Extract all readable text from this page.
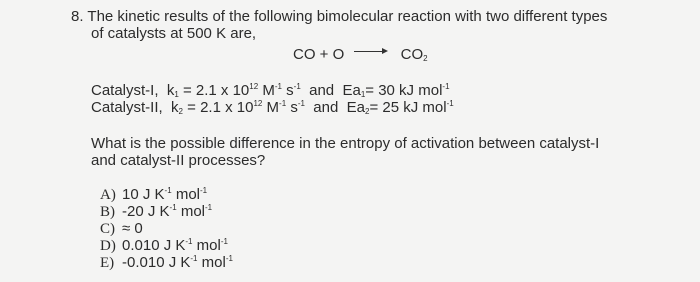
8. The kinetic results of the following bimolecular reaction with two different types
of catalysts at 500 K are,
CO + O	$CO_2$
Catalyst-I, $k_1 = 2.1$ x $10^{12}$ $M^{-1}$ $s^{-1}$  and  $Ea_1= 30$ kJ mol$^{-1}$
Catalyst-II, $k_2 = 2.1$ x $10^{12}$ $M^{-1}$ $s^{-1}$  and  $Ea_2= 25$ kJ mol$^{-1}$
What is the possible difference in the entropy of activation between catalyst-I
and catalyst-II processes?
A) 10 J $K^{-1}$ mol$^{-1}$
B) -20 J $K^{-1}$ mol$^{-1}$
C) ≈ 0
D) 0.010 J $K^{-1}$ mol$^{-1}$
E) -0.010 J $K^{-1}$ mol$^{-1}$
